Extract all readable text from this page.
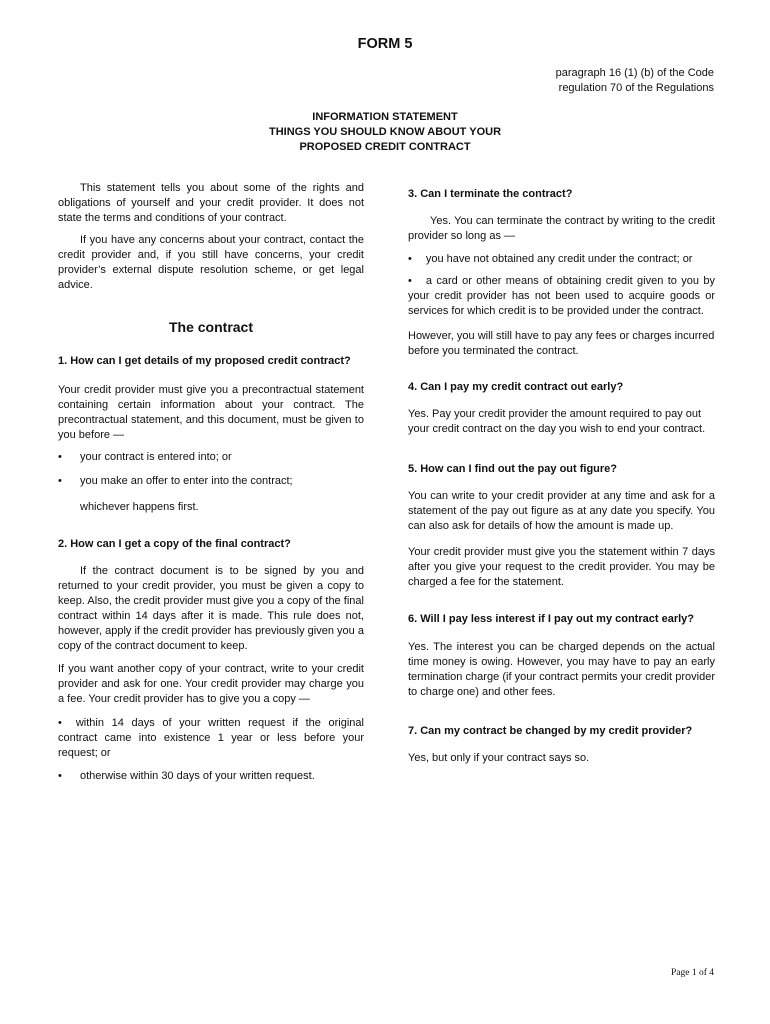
FORM 5
paragraph 16 (1) (b) of the Code
regulation 70 of the Regulations
INFORMATION STATEMENT
THINGS YOU SHOULD KNOW ABOUT YOUR
PROPOSED CREDIT CONTRACT

This statement tells you about some of the rights and obligations of yourself and your credit provider. It does not state the terms and conditions of your contract.

If you have any concerns about your contract, contact the credit provider and, if you still have concerns, your credit provider’s external dispute resolution scheme, or get legal advice.

The contract

1. How can I get details of my proposed credit contract?

Your credit provider must give you a precontractual statement containing certain information about your contract. The precontractual statement, and this document, must be given to you before —

• your contract is entered into; or
• you make an offer to enter into the contract;

whichever happens first.

2. How can I get a copy of the final contract?

If the contract document is to be signed by you and returned to your credit provider, you must be given a copy to keep. Also, the credit provider must give you a copy of the final contract within 14 days after it is made. This rule does not, however, apply if the credit provider has previously given you a copy of the contract document to keep.

If you want another copy of your contract, write to your credit provider and ask for one. Your credit provider may charge you a fee. Your credit provider has to give you a copy —

• within 14 days of your written request if the original contract came into existence 1 year or less before your request; or

• otherwise within 30 days of your written request.

3. Can I terminate the contract?

Yes. You can terminate the contract by writing to the credit provider so long as —

• you have not obtained any credit under the contract; or

• a card or other means of obtaining credit given to you by your credit provider has not been used to acquire goods or services for which credit is to be provided under the contract.

However, you will still have to pay any fees or charges incurred before you terminated the contract.

4. Can I pay my credit contract out early?

Yes. Pay your credit provider the amount required to pay out your credit contract on the day you wish to end your contract.

5. How can I find out the pay out figure?

You can write to your credit provider at any time and ask for a statement of the pay out figure as at any date you specify. You can also ask for details of how the amount is made up.

Your credit provider must give you the statement within 7 days after you give your request to the credit provider. You may be charged a fee for the statement.

6. Will I pay less interest if I pay out my contract early?

Yes. The interest you can be charged depends on the actual time money is owing. However, you may have to pay an early termination charge (if your contract permits your credit provider to charge one) and other fees.

7. Can my contract be changed by my credit provider?

Yes, but only if your contract says so.

Page 1 of 4
